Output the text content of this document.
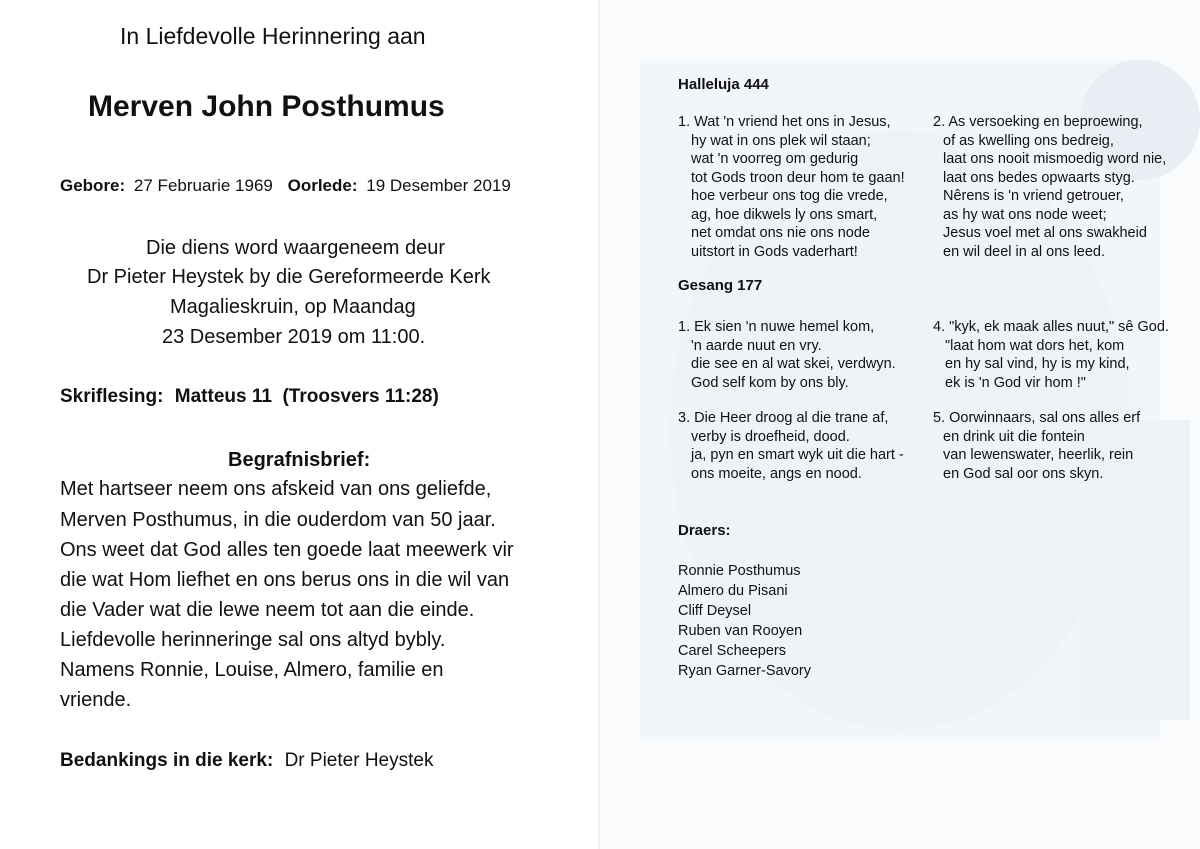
In Liefdevolle Herinnering aan
Merven John Posthumus
Gebore: 27 Februarie 1969 Oorlede: 19 Desember 2019
Die diens word waargeneem deur
Dr Pieter Heystek by die Gereformeerde Kerk
Magalieskruin, op Maandag
23 Desember 2019 om 11:00.
Skriflesing: Matteus 11  (Troosvers 11:28)
Begrafnisbrief:
Met hartseer neem ons afskeid van ons geliefde,
Merven Posthumus, in die ouderdom van 50 jaar.
Ons weet dat God alles ten goede laat meewerk vir
die wat Hom liefhet en ons berus ons in die wil van
die Vader wat die lewe neem tot aan die einde.
Liefdevolle herinneringe sal ons altyd bybly.
Namens Ronnie, Louise, Almero, familie en
vriende.
Bedankings in die kerk: Dr Pieter Heystek
Halleluja 444
1. Wat 'n vriend het ons in Jesus,
hy wat in ons plek wil staan;
wat 'n voorreg om gedurig
tot Gods troon deur hom te gaan!
hoe verbeur ons tog die vrede,
ag, hoe dikwels ly ons smart,
net omdat ons nie ons node
uitstort in Gods vaderhart!
2. As versoeking en beproewing,
of as kwelling ons bedreig,
laat ons nooit mismoedig word nie,
laat ons bedes opwaarts styg.
Nêrens is 'n vriend getrouer,
as hy wat ons node weet;
Jesus voel met al ons swakheid
en wil deel in al ons leed.
Gesang 177
1. Ek sien 'n nuwe hemel kom,
'n aarde nuut en vry.
die see en al wat skei, verdwyn.
God self kom by ons bly.
4. "kyk, ek maak alles nuut," sê God.
"laat hom wat dors het, kom
en hy sal vind, hy is my kind,
ek is 'n God vir hom !"
3. Die Heer droog al die trane af,
verby is droefheid, dood.
ja, pyn en smart wyk uit die hart -
ons moeite, angs en nood.
5. Oorwinnaars, sal ons alles erf
en drink uit die fontein
van lewenswater, heerlik, rein
en God sal oor ons skyn.
Draers:
Ronnie Posthumus
Almero du Pisani
Cliff Deysel
Ruben van Rooyen
Carel Scheepers
Ryan Garner-Savory
